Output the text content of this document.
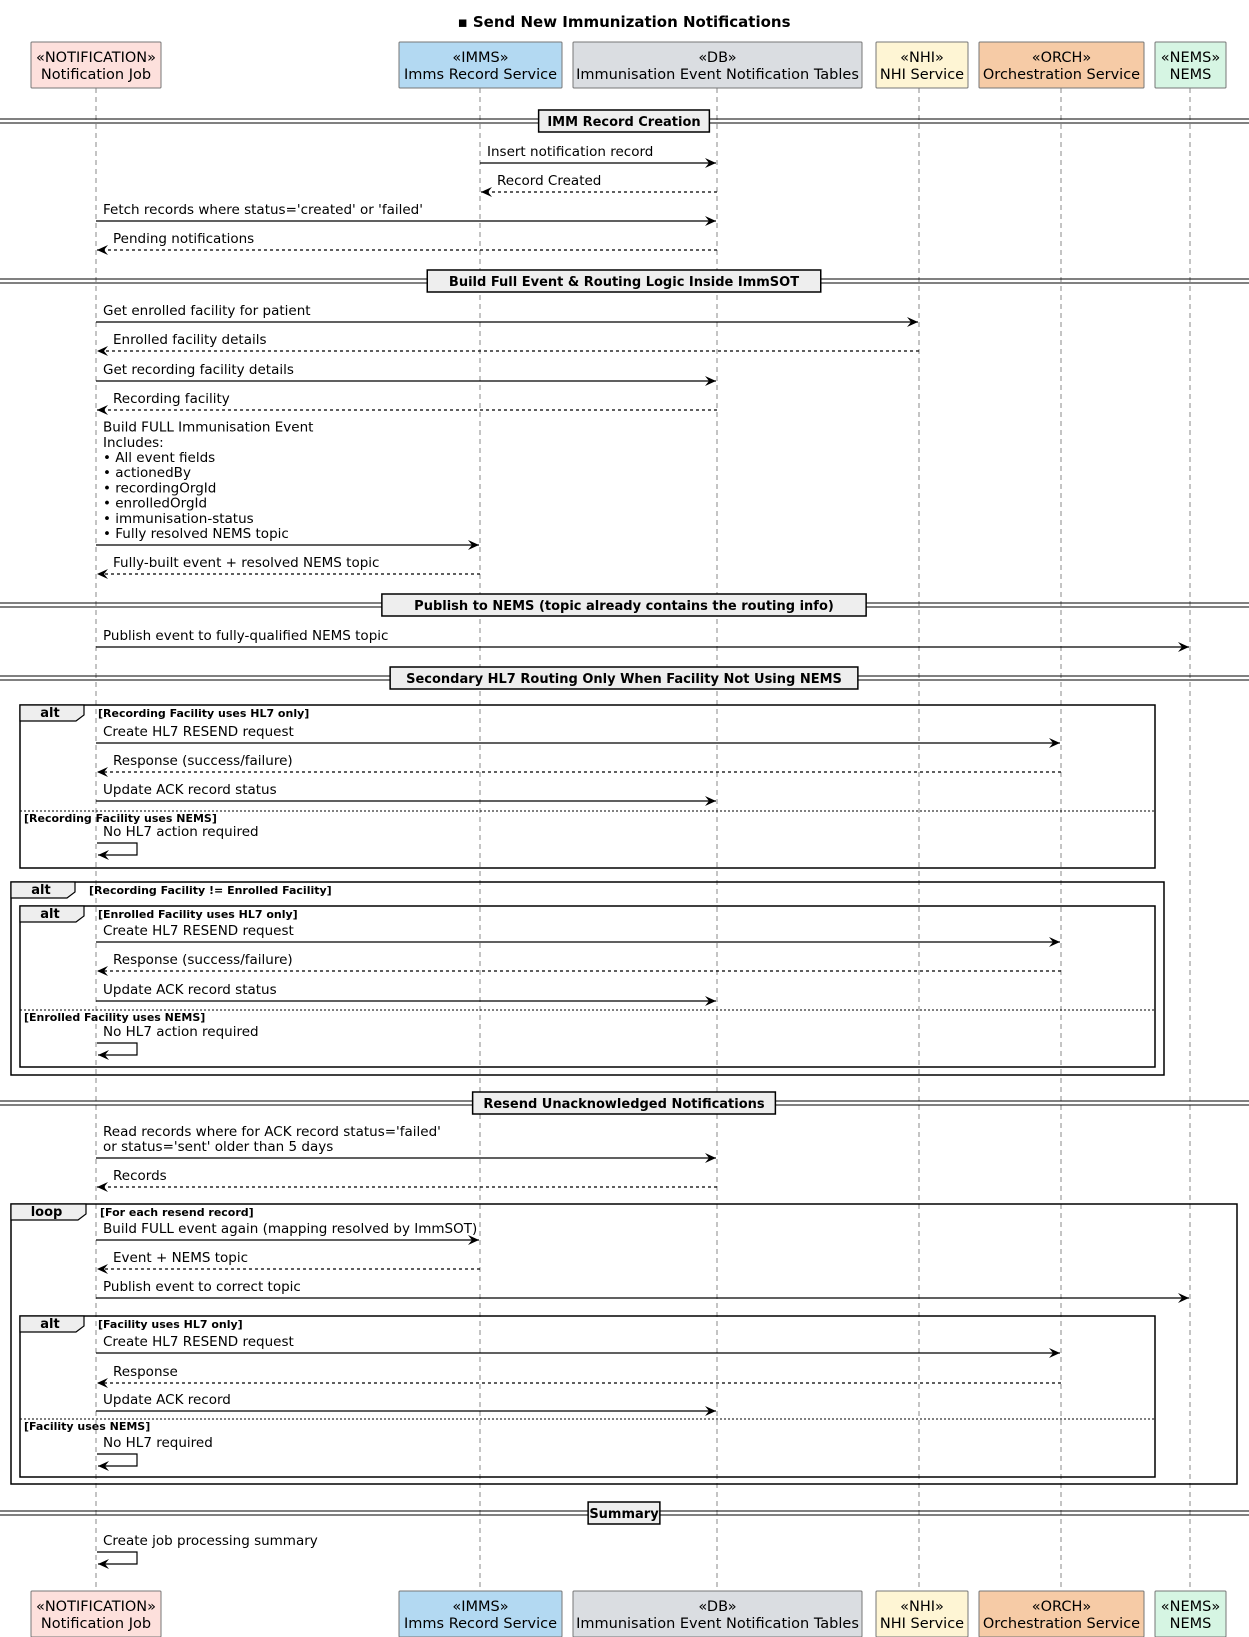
▪ Send New Immunization Notifications
alt	[Recording Facility uses HL7 only]
[Recording Facility uses NEMS]
alt	[Recording Facility != Enrolled Facility]
alt	[Enrolled Facility uses HL7 only]
[Enrolled Facility uses NEMS]
loop	[For each resend record]
alt	[Facility uses HL7 only]
[Facility uses NEMS]
IMM Record Creation
Build Full Event & Routing Logic Inside ImmSOT
Publish to NEMS (topic already contains the routing info)
Secondary HL7 Routing Only When Facility Not Using NEMS
Resend Unacknowledged Notifications
Summary
Insert notification record
Record Created
Fetch records where status='created' or 'failed'
Pending notifications
Get enrolled facility for patient
Enrolled facility details
Get recording facility details
Recording facility
Build FULL Immunisation Event
Includes:
• All event fields
• actionedBy
• recordingOrgId
• enrolledOrgId
• immunisation-status
• Fully resolved NEMS topic
Fully-built event + resolved NEMS topic
Publish event to fully-qualified NEMS topic
Create HL7 RESEND request
Response (success/failure)
Update ACK record status
No HL7 action required
Create HL7 RESEND request
Response (success/failure)
Update ACK record status
No HL7 action required
Read records where for ACK record status='failed'
or status='sent' older than 5 days
Records
Build FULL event again (mapping resolved by ImmSOT)
Event + NEMS topic
Publish event to correct topic
Create HL7 RESEND request
Response
Update ACK record
No HL7 required
Create job processing summary
«NOTIFICATION»
Notification Job
«NOTIFICATION»
Notification Job
«IMMS»
Imms Record Service
«IMMS»
Imms Record Service
«DB»
Immunisation Event Notification Tables
«DB»
Immunisation Event Notification Tables
«NHI»
NHI Service
«NHI»
NHI Service
«ORCH»
Orchestration Service
«ORCH»
Orchestration Service
«NEMS»
NEMS
«NEMS»
NEMS
